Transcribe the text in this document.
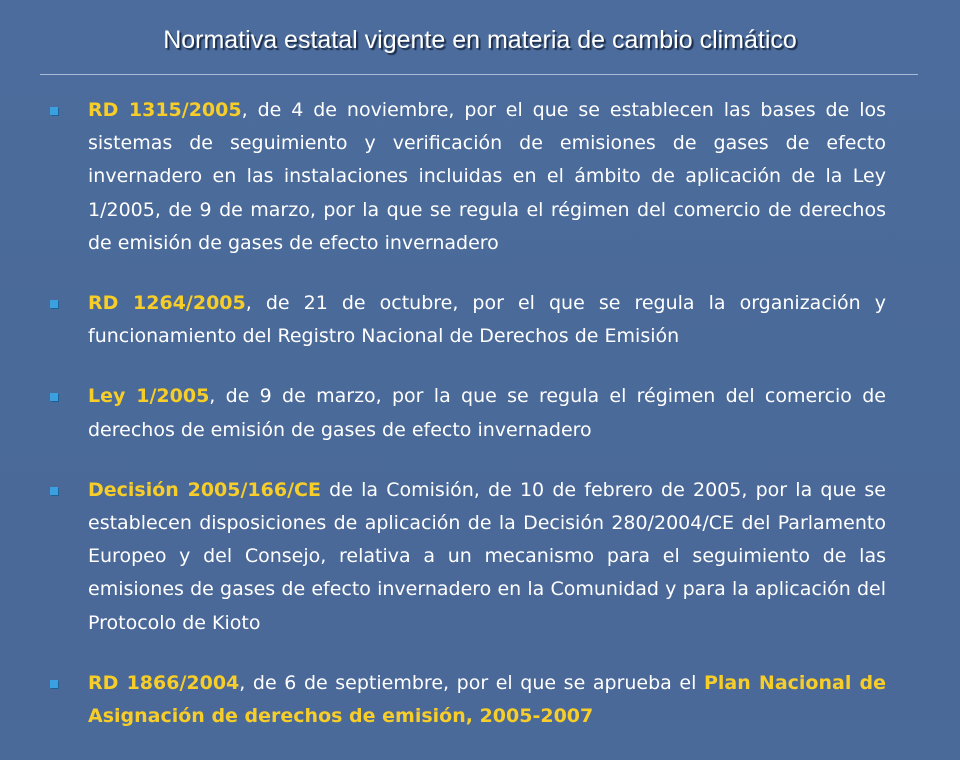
Normativa estatal vigente en materia de cambio climático
RD 1315/2005, de 4 de noviembre, por el que se establecen las bases de los sistemas de seguimiento y verificación de emisiones de gases de efecto invernadero en las instalaciones incluidas en el ámbito de aplicación de la Ley 1/2005, de 9 de marzo, por la que se regula el régimen del comercio de derechos de emisión de gases de efecto invernadero
RD 1264/2005, de 21 de octubre, por el que se regula la organización y funcionamiento del Registro Nacional de Derechos de Emisión
Ley 1/2005, de 9 de marzo, por la que se regula el régimen del comercio de derechos de emisión de gases de efecto invernadero
Decisión 2005/166/CE de la Comisión, de 10 de febrero de 2005, por la que se establecen disposiciones de aplicación de la Decisión 280/2004/CE del Parlamento Europeo y del Consejo, relativa a un mecanismo para el seguimiento de las emisiones de gases de efecto invernadero en la Comunidad y para la aplicación del Protocolo de Kioto
RD 1866/2004, de 6 de septiembre, por el que se aprueba el Plan Nacional de Asignación de derechos de emisión, 2005-2007
